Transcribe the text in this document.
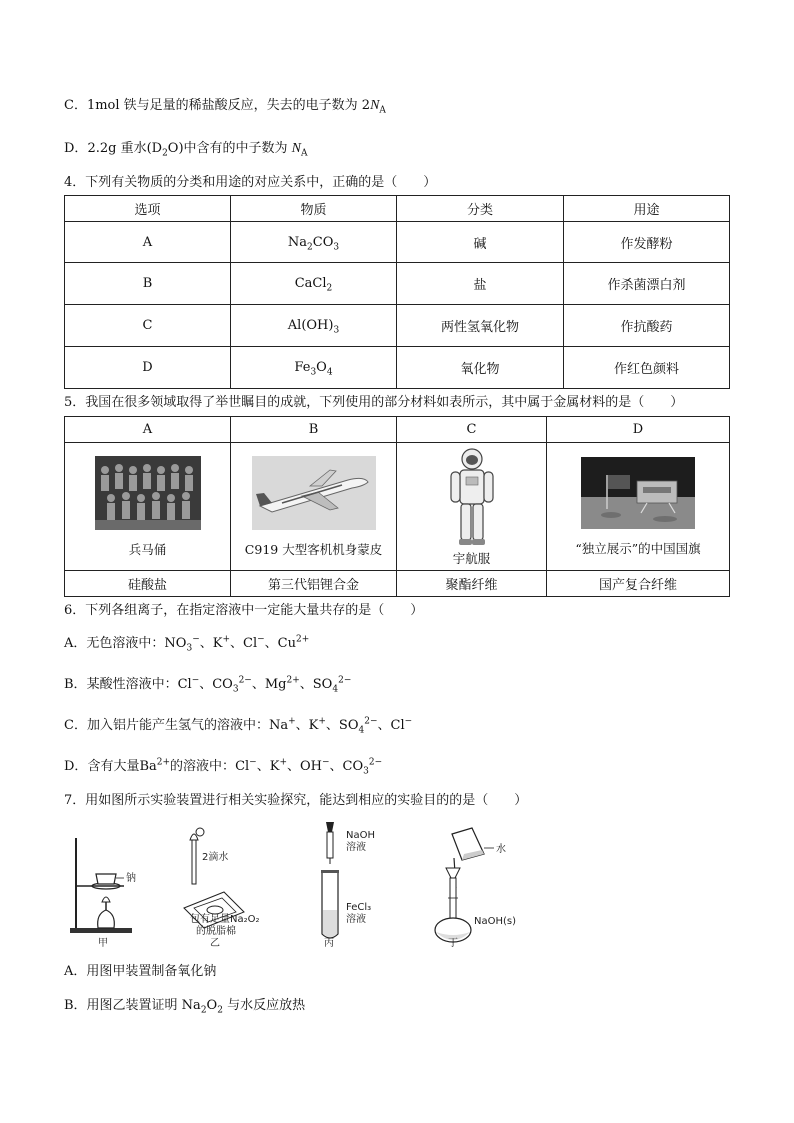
C．1mol 铁与足量的稀盐酸反应，失去的电子数为 $2N_A$
D．2.2g 重水$(D_2O)$中含有的中子数为 $N_A$
4．下列有关物质的分类和用途的对应关系中，正确的是（　　）
选项	物质	分类	用途
A	$Na_2CO_3$	碱	作发酵粉
B	CaCl$_2$	盐	作杀菌漂白剂
C	$Al(OH)_3$	两性氢氧化物	作抗酸药
D	$Fe_3O_4$	氧化物	作红色颜料
5．我国在很多领域取得了举世瞩目的成就，下列使用的部分材料如表所示，其中属于金属材料的是（　　）
A	B	C	D

兵马俑	C919 大型客机机身蒙皮	宇航服	“独立展示”的中国国旗

硅酸盐	第三代铝锂合金	聚酯纤维	国产复合纤维
6．下列各组离子，在指定溶液中一定能大量共存的是（　　）
A．无色溶液中：$NO_3^-$、K+、Cl−、$Cu^{2+}$
B．某酸性溶液中：Cl−、$CO_3^{2-}$、$Mg^{2+}$、$SO_4^{2-}$
C．加入铝片能产生氢气的溶液中：Na+、K+、$SO_4^{2-}$、Cl−
D．含有大量$Ba^{2+}$的溶液中：Cl−、K+、OH−、$CO_3^{2-}$
7．用如图所示实验装置进行相关实验探究，能达到相应的实验目的的是（　　）
钠
甲
2滴水
包有足量Na₂O₂
的脱脂棉
乙
NaOH
溶液
FeCl₃
溶液
丙
水
NaOH(s)
丁
A．用图甲装置制备氧化钠
B．用图乙装置证明 $Na_2O_2$ 与水反应放热
